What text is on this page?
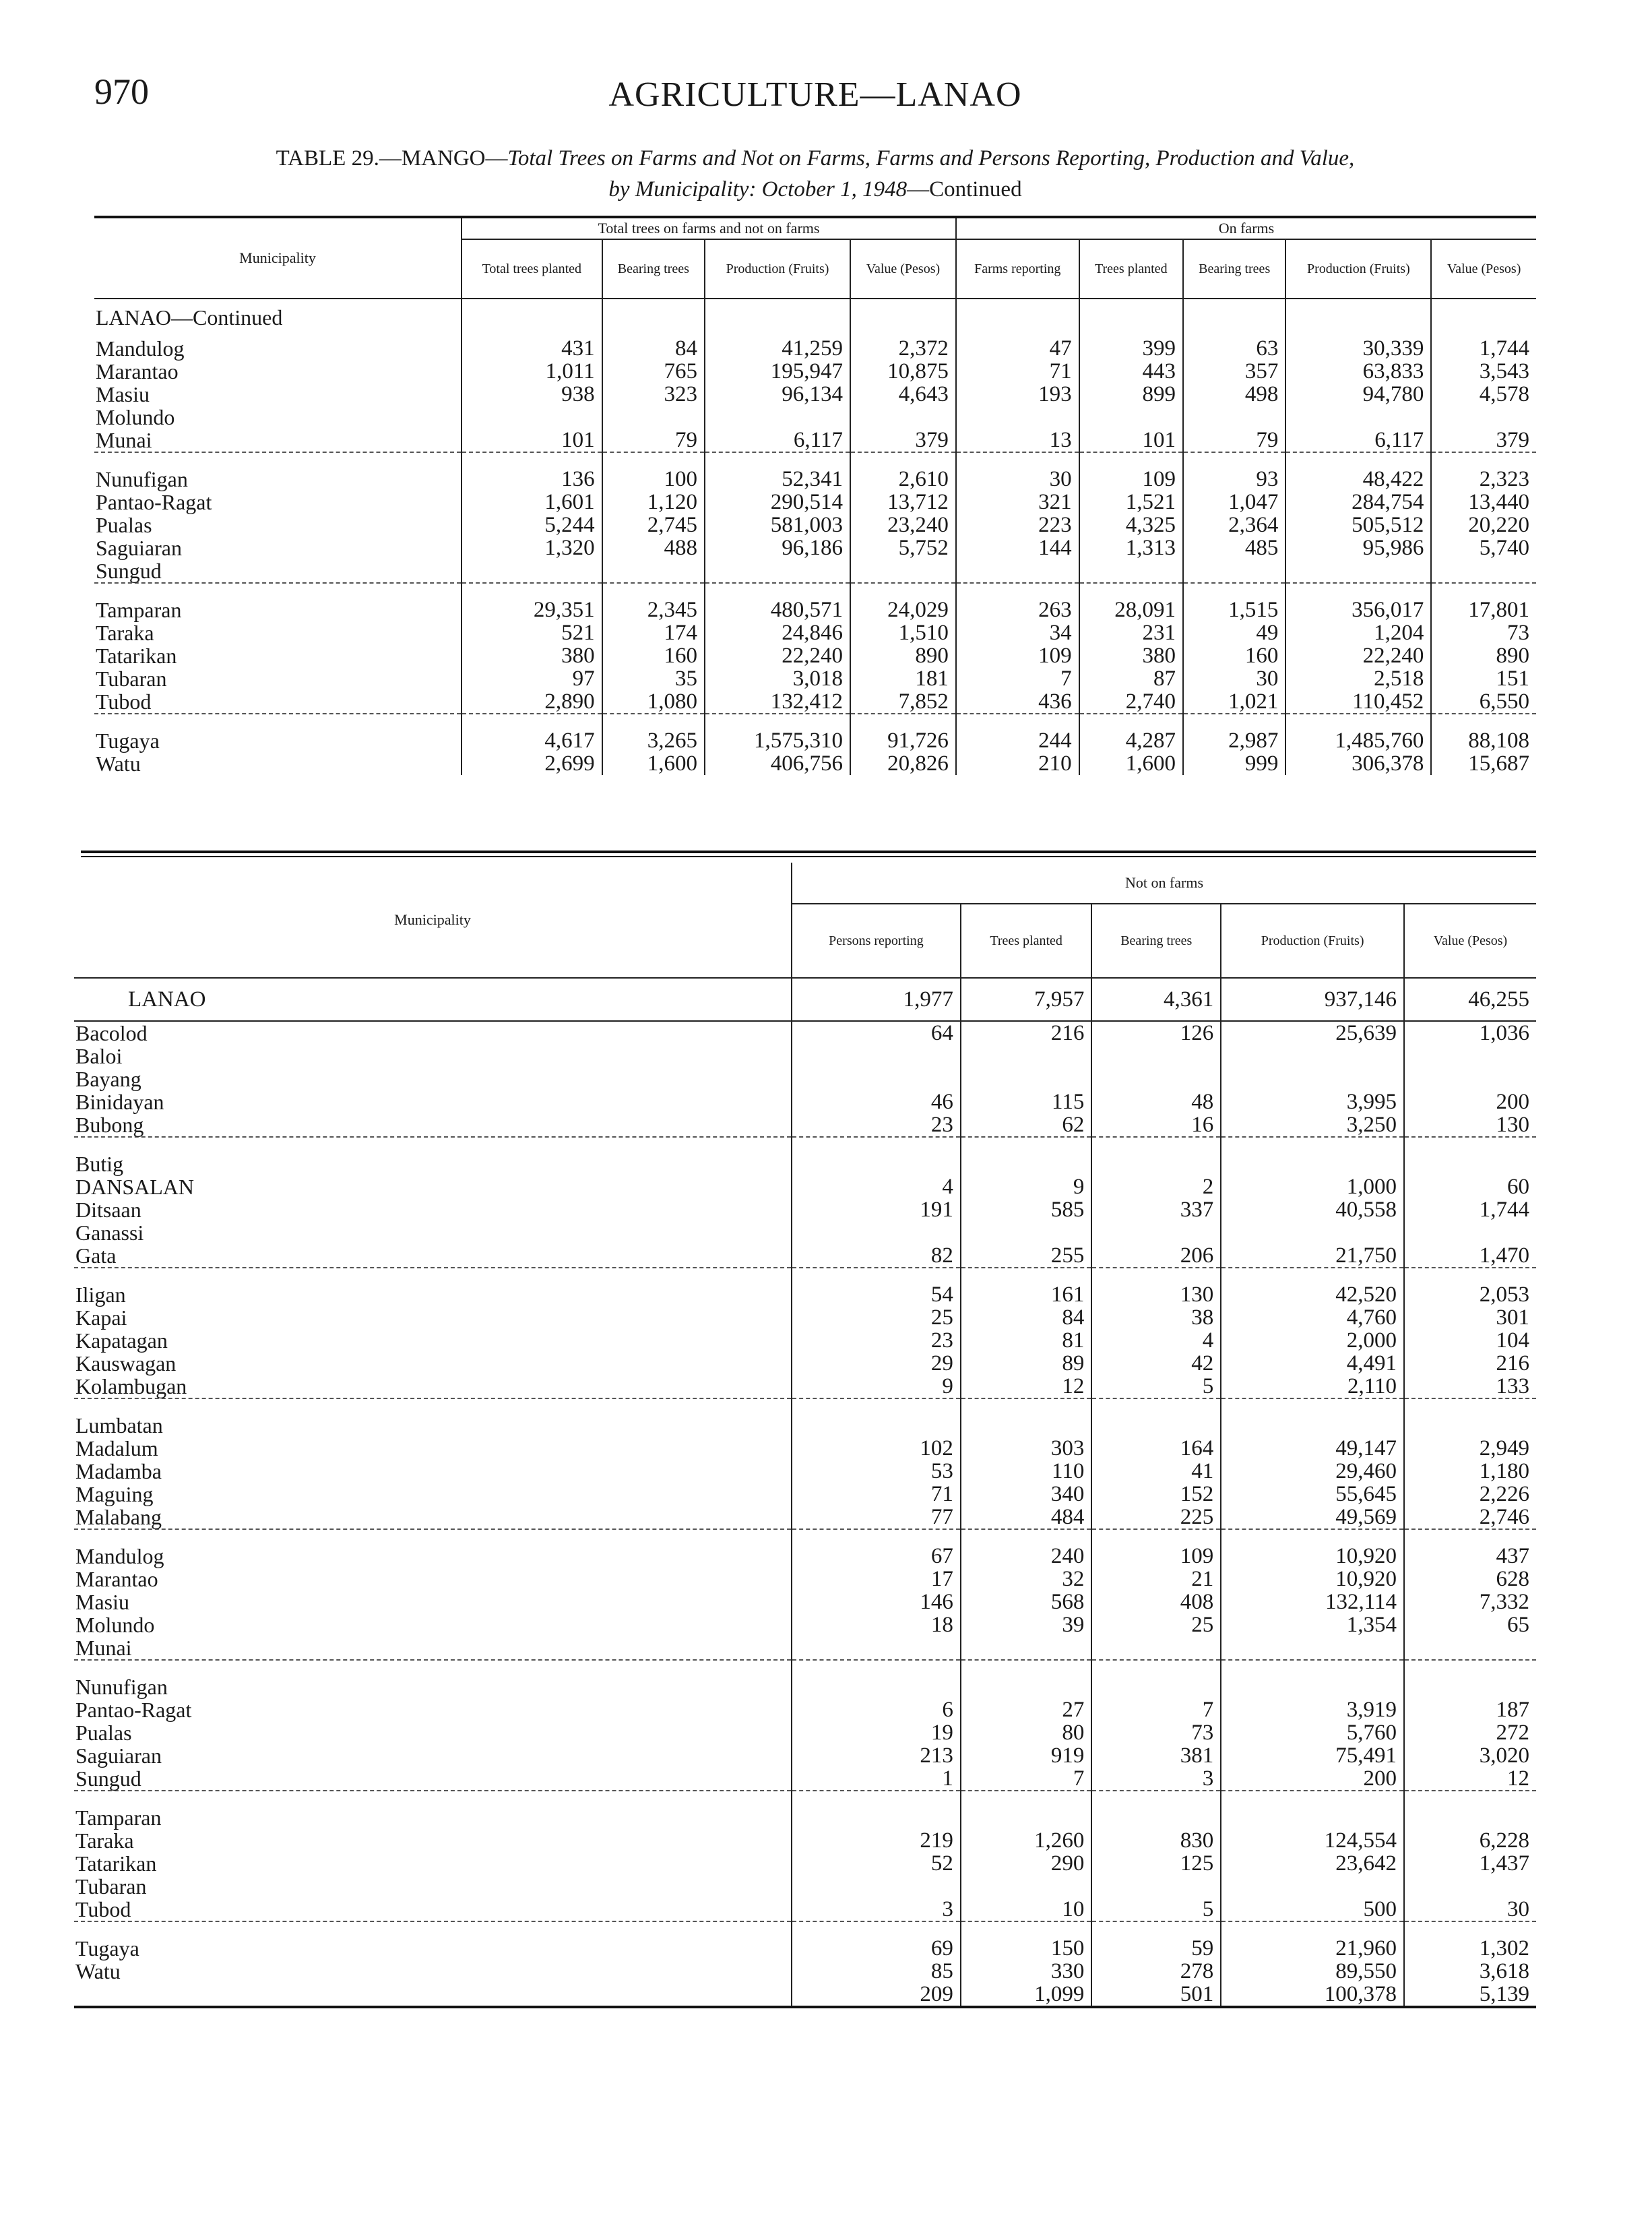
970	AGRICULTURE—LANAO
TABLE 29.—MANGO—Total Trees on Farms and Not on Farms, Farms and Persons Reporting, Production and Value,
by Municipality: October 1, 1948—Continued
Municipality	Total trees on farms and not on farms				On farms				
	Total trees planted	Bearing trees	Production (Fruits)	Value (Pesos)	Farms reporting	Trees planted	Bearing trees	Production (Fruits)	Value (Pesos)
LANAO—Continued									
Mandulog	431	84	41,259	2,372	47	399	63	30,339	1,744
Marantao	1,011	765	195,947	10,875	71	443	357	63,833	3,543
Masiu	938	323	96,134	4,643	193	899	498	94,780	4,578
Molundo									
Munai	101	79	6,117	379	13	101	79	6,117	379

Nunufigan	136	100	52,341	2,610	30	109	93	48,422	2,323
Pantao-Ragat	1,601	1,120	290,514	13,712	321	1,521	1,047	284,754	13,440
Pualas	5,244	2,745	581,003	23,240	223	4,325	2,364	505,512	20,220
Saguiaran	1,320	488	96,186	5,752	144	1,313	485	95,986	5,740
Sungud									

Tamparan	29,351	2,345	480,571	24,029	263	28,091	1,515	356,017	17,801
Taraka	521	174	24,846	1,510	34	231	49	1,204	73
Tatarikan	380	160	22,240	890	109	380	160	22,240	890
Tubaran	97	35	3,018	181	7	87	30	2,518	151
Tubod	2,890	1,080	132,412	7,852	436	2,740	1,021	110,452	6,550

Tugaya	4,617	3,265	1,575,310	91,726	244	4,287	2,987	1,485,760	88,108
Watu	2,699	1,600	406,756	20,826	210	1,600	999	306,378	15,687
Municipality	Not on farms				
	Persons reporting	Trees planted	Bearing trees	Production (Fruits)	Value (Pesos)
LANAO	1,977	7,957	4,361	937,146	46,255
Bacolod	64	216	126	25,639	1,036
Baloi					
Bayang					
Binidayan	46	115	48	3,995	200
Bubong	23	62	16	3,250	130

Butig					
DANSALAN	4	9	2	1,000	60
Ditsaan	191	585	337	40,558	1,744
Ganassi					
Gata	82	255	206	21,750	1,470

Iligan	54	161	130	42,520	2,053
Kapai	25	84	38	4,760	301
Kapatagan	23	81	4	2,000	104
Kauswagan	29	89	42	4,491	216
Kolambugan	9	12	5	2,110	133

Lumbatan					
Madalum	102	303	164	49,147	2,949
Madamba	53	110	41	29,460	1,180
Maguing	71	340	152	55,645	2,226
Malabang	77	484	225	49,569	2,746

Mandulog	67	240	109	10,920	437
Marantao	17	32	21	10,920	628
Masiu	146	568	408	132,114	7,332
Molundo	18	39	25	1,354	65
Munai					

Nunufigan					
Pantao-Ragat	6	27	7	3,919	187
Pualas	19	80	73	5,760	272
Saguiaran	213	919	381	75,491	3,020
Sungud	1	7	3	200	12

Tamparan					
Taraka	219	1,260	830	124,554	6,228
Tatarikan	52	290	125	23,642	1,437
Tubaran					
Tubod	3	10	5	500	30

Tugaya	69	150	59	21,960	1,302
Watu	85	330	278	89,550	3,618
	209	1,099	501	100,378	5,139
